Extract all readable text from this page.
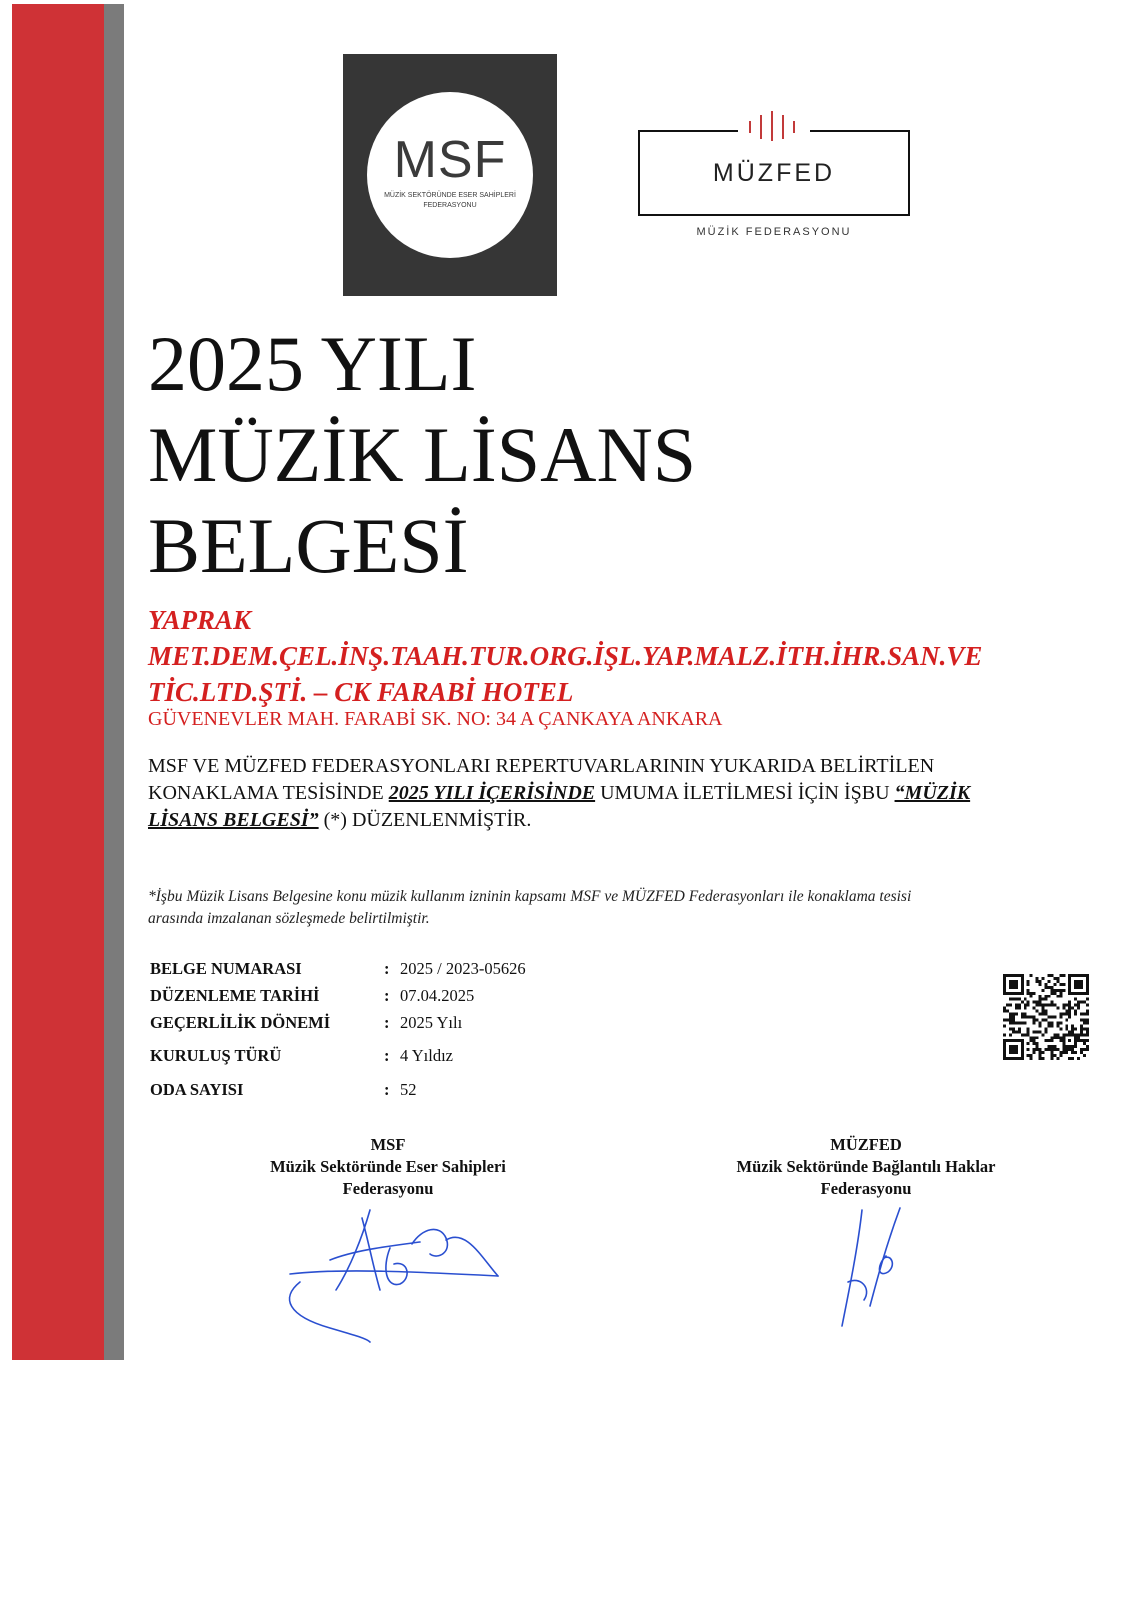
MSF
MÜZİK SEKTÖRÜNDE ESER SAHİPLERİ
FEDERASYONU
MÜZFED
MÜZİK FEDERASYONU
2025 YILI
MÜZİK LİSANS
BELGESİ
YAPRAK
MET.DEM.ÇEL.İNŞ.TAAH.TUR.ORG.İŞL.YAP.MALZ.İTH.İHR.SAN.VE
TİC.LTD.ŞTİ. – CK FARABİ HOTEL
GÜVENEVLER MAH. FARABİ SK. NO: 34 A ÇANKAYA ANKARA
MSF VE MÜZFED FEDERASYONLARI REPERTUVARLARININ YUKARIDA BELİRTİLEN
KONAKLAMA TESİSİNDE 2025 YILI İÇERİSİNDE UMUMA İLETİLMESİ İÇİN İŞBU “MÜZİK
LİSANS BELGESİ” (*) DÜZENLENMİŞTİR.
*İşbu Müzik Lisans Belgesine konu müzik kullanım izninin kapsamı MSF ve MÜZFED Federasyonları ile konaklama tesisi
arasında imzalanan sözleşmede belirtilmiştir.
BELGE NUMARASI	: 2025 / 2023-05626
DÜZENLEME TARİHİ	: 07.04.2025
GEÇERLİLİK DÖNEMİ	: 2025 Yılı
KURULUŞ TÜRÜ	: 4 Yıldız
ODA SAYISI	: 52
MSF
Müzik Sektöründe Eser Sahipleri
Federasyonu
MÜZFED
Müzik Sektöründe Bağlantılı Haklar
Federasyonu
